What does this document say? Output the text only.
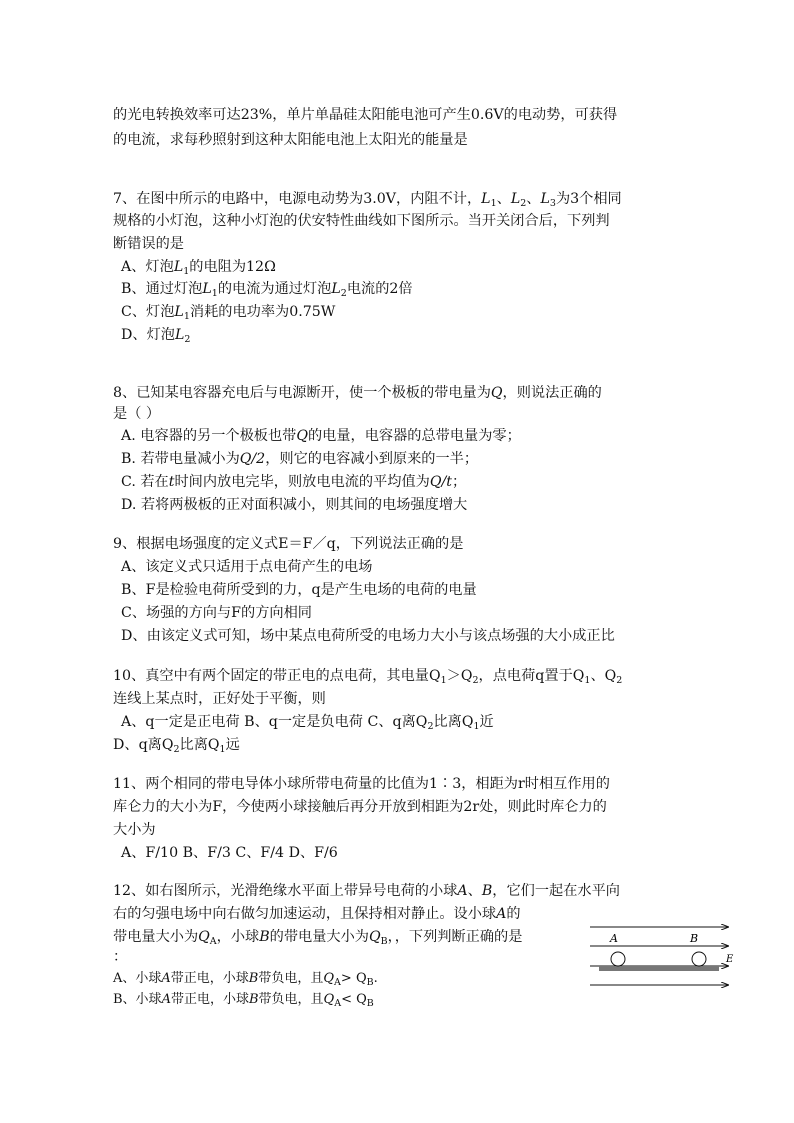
的光电转换效率可达23%，单片单晶硅太阳能电池可产生0.6V的电动势，可获得
的电流，求每秒照射到这种太阳能电池上太阳光的能量是
7、在图中所示的电路中，电源电动势为3.0V，内阻不计，$L_1$、$L_2$、$L_3$为3个相同
规格的小灯泡，这种小灯泡的伏安特性曲线如下图所示。当开关闭合后，下列判
断错误的是
A、灯泡$L_1$的电阻为12Ω
B、通过灯泡$L_1$的电流为通过灯泡$L_2$电流的2倍
C、灯泡$L_1$消耗的电功率为0.75W
D、灯泡$L_2$
8、已知某电容器充电后与电源断开，使一个极板的带电量为Q，则说法正确的
是（ ）
A. 电容器的另一个极板也带Q的电量，电容器的总带电量为零；
B. 若带电量减小为Q/2，则它的电容减小到原来的一半；
C. 若在t时间内放电完毕，则放电电流的平均值为Q/t；
D. 若将两极板的正对面积减小，则其间的电场强度增大
9、根据电场强度的定义式E＝F／q，下列说法正确的是
A、该定义式只适用于点电荷产生的电场
B、F是检验电荷所受到的力，q是产生电场的电荷的电量
C、场强的方向与F的方向相同
D、由该定义式可知，场中某点电荷所受的电场力大小与该点场强的大小成正比
10、真空中有两个固定的带正电的点电荷，其电量$Q_1>Q_2$，点电荷q置于$Q_1$、$Q_2$
连线上某点时，正好处于平衡，则
A、q一定是正电荷 B、q一定是负电荷 C、q离$Q_2$比离$Q_1$近
D、q离$Q_2$比离$Q_1$远
11、两个相同的带电导体小球所带电荷量的比值为1∶3，相距为r时相互作用的
库仑力的大小为F，今使两小球接触后再分开放到相距为2r处，则此时库仑力的
大小为
A、F/10 B、F/3 C、F/4 D、F/6
12、如右图所示，光滑绝缘水平面上带异号电荷的小球A、B，它们一起在水平向
右的匀强电场中向右做匀加速运动，且保持相对静止。设小球A的
带电量大小为$Q_A$，小球B的带电量大小为$Q_B$，，下列判断正确的是
：
A、小球A带正电，小球B带负电，且$Q_A> Q_B$.
B、小球A带正电，小球B带负电，且$Q_A< Q_B$
A	B
E
